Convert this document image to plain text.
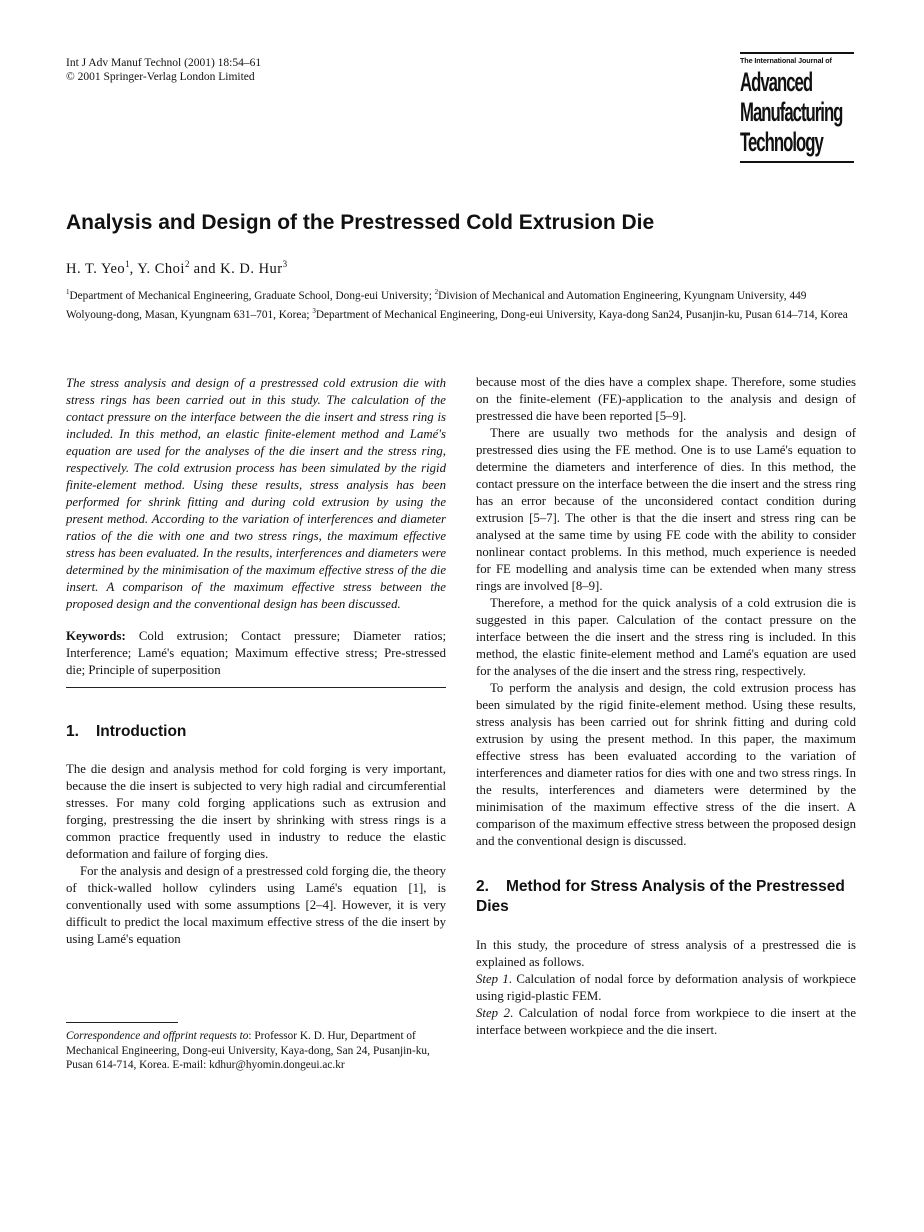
Int J Adv Manuf Technol (2001) 18:54–61
© 2001 Springer-Verlag London Limited
The International Journal of
Advanced
Manufacturing
Technology
Analysis and Design of the Prestressed Cold Extrusion Die
H. T. Yeo$^1$, Y. Choi$^2$ and K. D. Hur$^3$
$^1$Department of Mechanical Engineering, Graduate School, Dong-eui University; $^2$Division of Mechanical and Automation Engineering, Kyungnam University, 449 Wolyoung-dong, Masan, Kyungnam 631–701, Korea; $^3$Department of Mechanical Engineering, Dong-eui University, Kaya-dong San24, Pusanjin-ku, Pusan 614–714, Korea

The stress analysis and design of a prestressed cold extrusion die with stress rings has been carried out in this study. The calculation of the contact pressure on the interface between the die insert and stress ring is included. In this method, an elastic finite-element method and Lamé's equation are used for the analyses of the die insert and the stress ring, respectively. The cold extrusion process has been simulated by the rigid finite-element method. Using these results, stress analysis has been performed for shrink fitting and during cold extrusion by using the present method. According to the variation of interferences and diameter ratios of the die with one and two stress rings, the maximum effective stress has been evaluated. In the results, interferences and diameters were determined by the minimisation of the maximum effective stress of the die insert. A comparison of the maximum effective stress between the proposed design and the conventional design has been discussed.

Keywords: Cold extrusion; Contact pressure; Diameter ratios; Interference; Lamé's equation; Maximum effective stress; Pre-stressed die; Principle of superposition

1. Introduction

The die design and analysis method for cold forging is very important, because the die insert is subjected to very high radial and circumferential stresses. For many cold forging applications such as extrusion and forging, prestressing the die insert by shrinking with stress rings is a common practice frequently used in industry to reduce the elastic deformation and failure of forging dies.

For the analysis and design of a prestressed cold forging die, the theory of thick-walled hollow cylinders using Lamé's equation [1], is conventionally used with some assumptions [2–4]. However, it is very difficult to predict the local maximum effective stress of the die insert by using Lamé's equation

Correspondence and offprint requests to: Professor K. D. Hur, Department of Mechanical Engineering, Dong-eui University, Kaya-dong, San 24, Pusanjin-ku, Pusan 614-714, Korea. E-mail: kdhur@hyomin.dongeui.ac.kr

because most of the dies have a complex shape. Therefore, some studies on the finite-element (FE)-application to the analysis and design of prestressed die have been reported [5–9].

There are usually two methods for the analysis and design of prestressed dies using the FE method. One is to use Lamé's equation to determine the diameters and interference of dies. In this method, the contact pressure on the interface between the die insert and the stress ring has an error because of the unconsidered contact condition during extrusion [5–7]. The other is that the die insert and stress ring can be analysed at the same time by using FE code with the ability to consider nonlinear contact problems. In this method, much experience is needed for FE modelling and analysis time can be extended when many stress rings are involved [8–9].

Therefore, a method for the quick analysis of a cold extrusion die is suggested in this paper. Calculation of the contact pressure on the interface between the die insert and the stress ring is included. In this method, the elastic finite-element method and Lamé's equation are used for the analyses of the die insert and the stress ring, respectively.

To perform the analysis and design, the cold extrusion process has been simulated by the rigid finite-element method. Using these results, stress analysis has been carried out for shrink fitting and during cold extrusion by using the present method. In this paper, the maximum effective stress has been evaluated according to the variation of interferences and diameter ratios for dies with one and two stress rings. In the results, interferences and diameters were determined by the minimisation of the maximum effective stress of the die insert. A comparison of the maximum effective stress between the proposed design and the conventional design is discussed.

2. Method for Stress Analysis of the Prestressed Dies

In this study, the procedure of stress analysis of a prestressed die is explained as follows.

Step 1. Calculation of nodal force by deformation analysis of workpiece using rigid-plastic FEM.

Step 2. Calculation of nodal force from workpiece to die insert at the interface between workpiece and the die insert.
